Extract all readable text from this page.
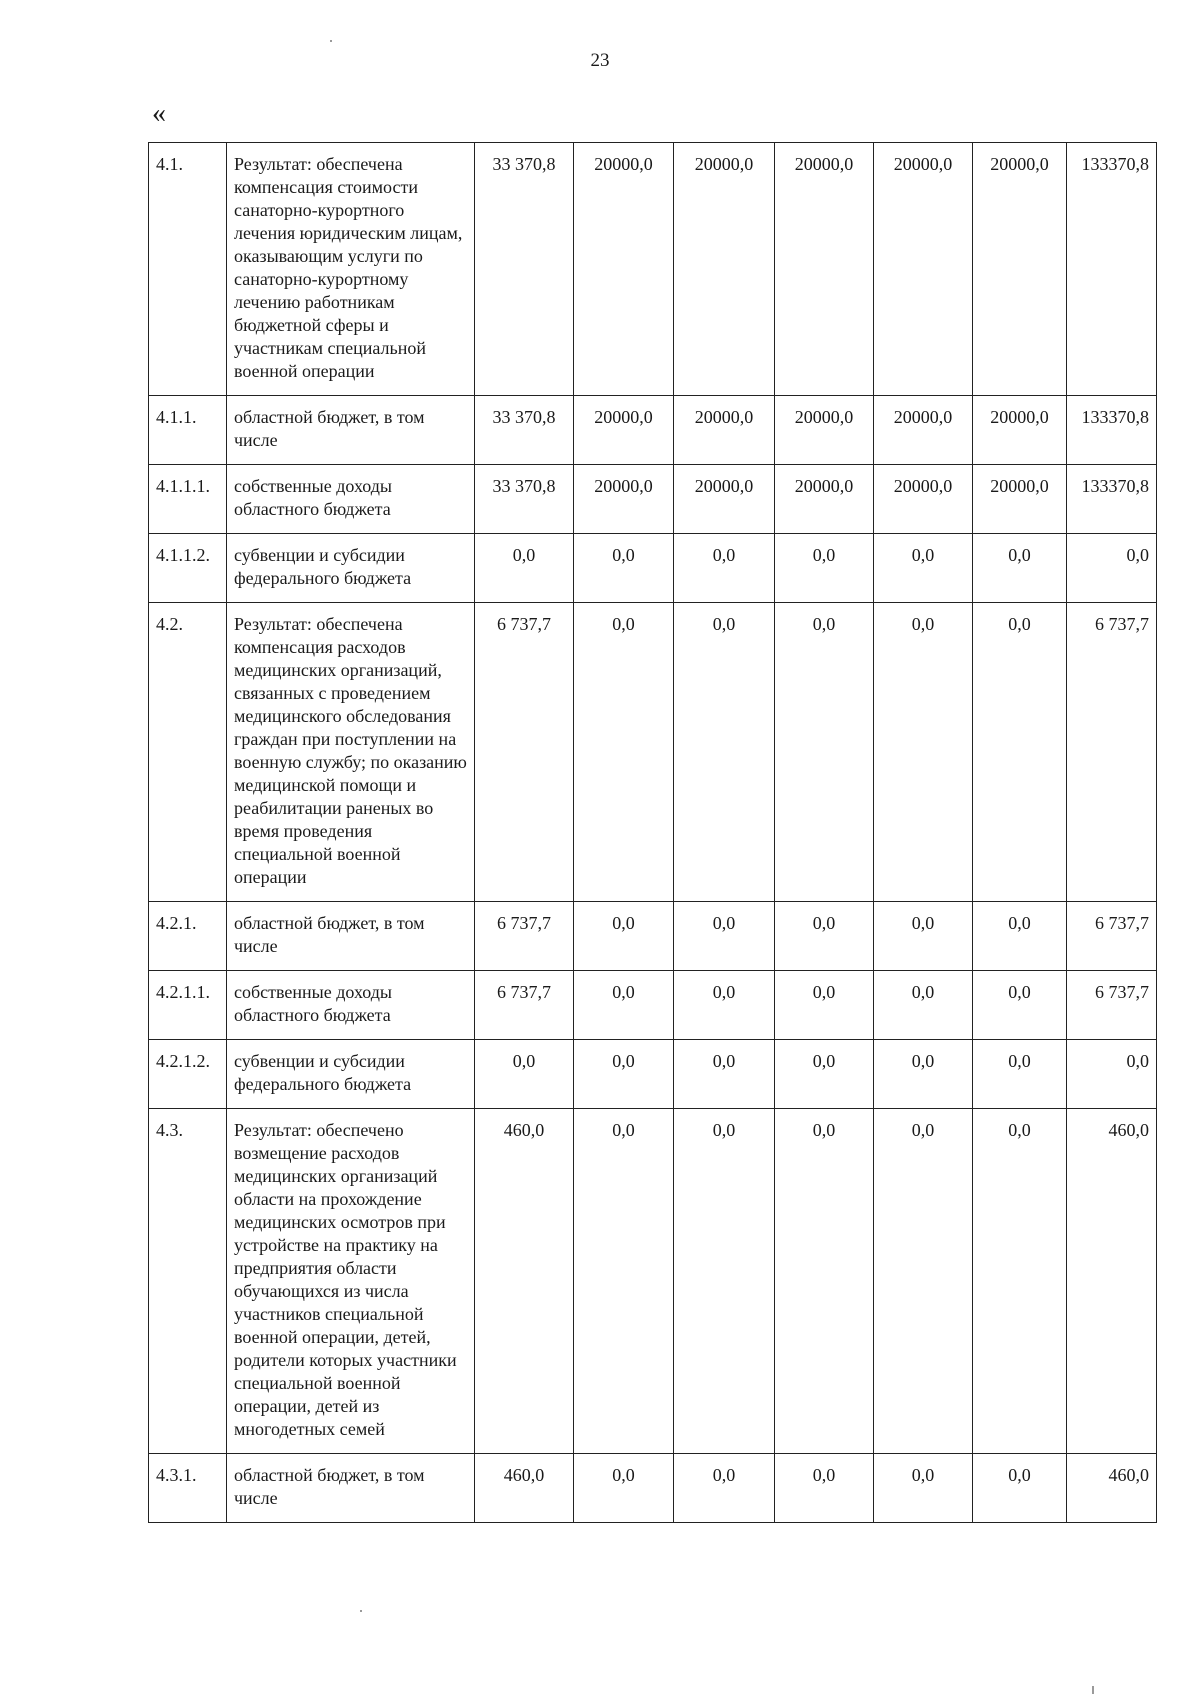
23
«
4.1.	Результат: обеспечена компенсация стоимости санаторно-курортного лечения юридическим лицам, оказывающим услуги по санаторно-курортному лечению работникам бюджетной сферы и участникам специальной военной операции	33 370,8	20000,0	20000,0	20000,0	20000,0	20000,0	133370,8
4.1.1.	областной бюджет, в том числе	33 370,8	20000,0	20000,0	20000,0	20000,0	20000,0	133370,8
4.1.1.1.	собственные доходы областного бюджета	33 370,8	20000,0	20000,0	20000,0	20000,0	20000,0	133370,8
4.1.1.2.	субвенции и субсидии федерального бюджета	0,0	0,0	0,0	0,0	0,0	0,0	0,0
4.2.	Результат: обеспечена компенсация расходов медицинских организаций, связанных с проведением медицинского обследования граждан при поступлении на военную службу; по оказанию медицинской помощи и реабилитации раненых во время проведения специальной военной операции	6 737,7	0,0	0,0	0,0	0,0	0,0	6 737,7
4.2.1.	областной бюджет, в том числе	6 737,7	0,0	0,0	0,0	0,0	0,0	6 737,7
4.2.1.1.	собственные доходы областного бюджета	6 737,7	0,0	0,0	0,0	0,0	0,0	6 737,7
4.2.1.2.	субвенции и субсидии федерального бюджета	0,0	0,0	0,0	0,0	0,0	0,0	0,0
4.3.	Результат: обеспечено возмещение расходов медицинских организаций области на прохождение медицинских осмотров при устройстве на практику на предприятия области обучающихся из числа участников специальной военной операции, детей, родители которых участники специальной военной операции, детей из многодетных семей	460,0	0,0	0,0	0,0	0,0	0,0	460,0
4.3.1.	областной бюджет, в том числе	460,0	0,0	0,0	0,0	0,0	0,0	460,0
